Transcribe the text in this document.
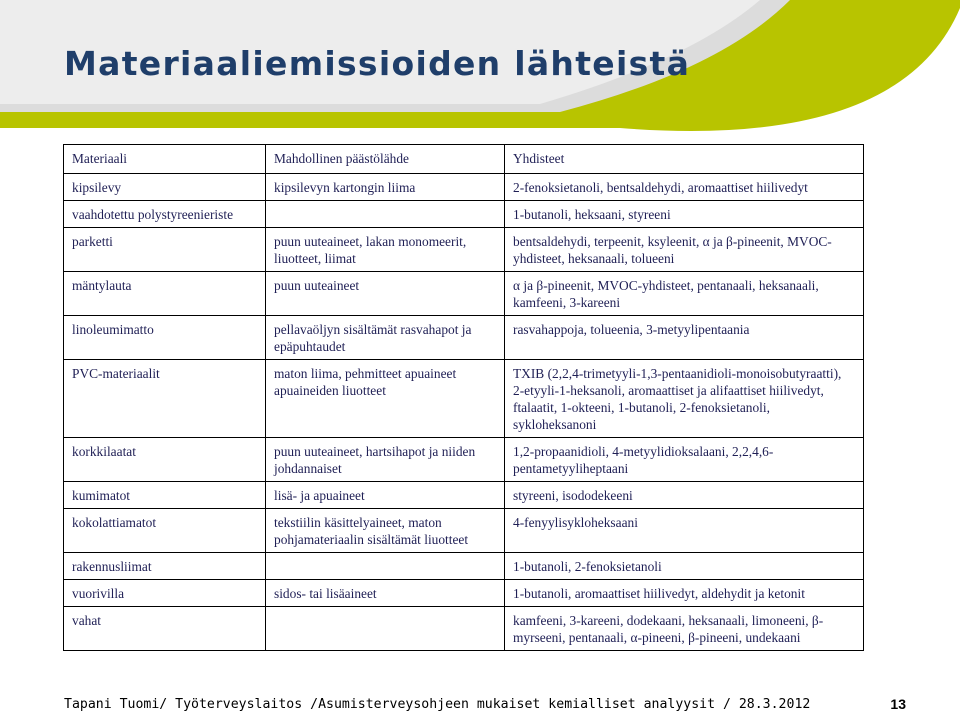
Materiaaliemissioiden lähteistä
Materiaali	Mahdollinen päästölähde	Yhdisteet
kipsilevy	kipsilevyn kartongin liima	2-fenoksietanoli, bentsaldehydi, aromaattiset hiilivedyt
vaahdotettu polystyreenieriste		1-butanoli, heksaani, styreeni
parketti	puun uuteaineet, lakan monomeerit, liuotteet, liimat	bentsaldehydi, terpeenit, ksyleenit, α ja β-pineenit, MVOC-yhdisteet, heksanaali, tolueeni
mäntylauta	puun uuteaineet	α ja β-pineenit, MVOC-yhdisteet, pentanaali, heksanaali, kamfeeni, 3-kareeni
linoleumimatto	pellavaöljyn sisältämät rasvahapot ja epäpuhtaudet	rasvahappoja, tolueenia, 3-metyylipentaania
PVC-materiaalit	maton liima, pehmitteet apuaineet apuaineiden liuotteet	TXIB (2,2,4-trimetyyli-1,3-pentaanidioli-monoisobutyraatti), 2-etyyli-1-heksanoli, aromaattiset ja alifaattiset hiilivedyt, ftalaatit, 1-okteeni, 1-butanoli, 2-fenoksietanoli, sykloheksanoni
korkkilaatat	puun uuteaineet, hartsihapot ja niiden johdannaiset	1,2-propaanidioli, 4-metyylidioksalaani, 2,2,4,6-pentametyyliheptaani
kumimatot	lisä- ja apuaineet	styreeni, isododekeeni
kokolattiamatot	tekstiilin käsittelyaineet, maton pohjamateriaalin sisältämät liuotteet	4-fenyylisykloheksaani
rakennusliimat		1-butanoli, 2-fenoksietanoli
vuorivilla	sidos- tai lisäaineet	1-butanoli, aromaattiset hiilivedyt, aldehydit ja ketonit
vahat		kamfeeni, 3-kareeni, dodekaani, heksanaali, limoneeni, β-myrseeni, pentanaali, α-pineeni, β-pineeni, undekaani
Tapani Tuomi/ Työterveyslaitos /Asumisterveysohjeen mukaiset kemialliset analyysit / 28.3.2012	13
